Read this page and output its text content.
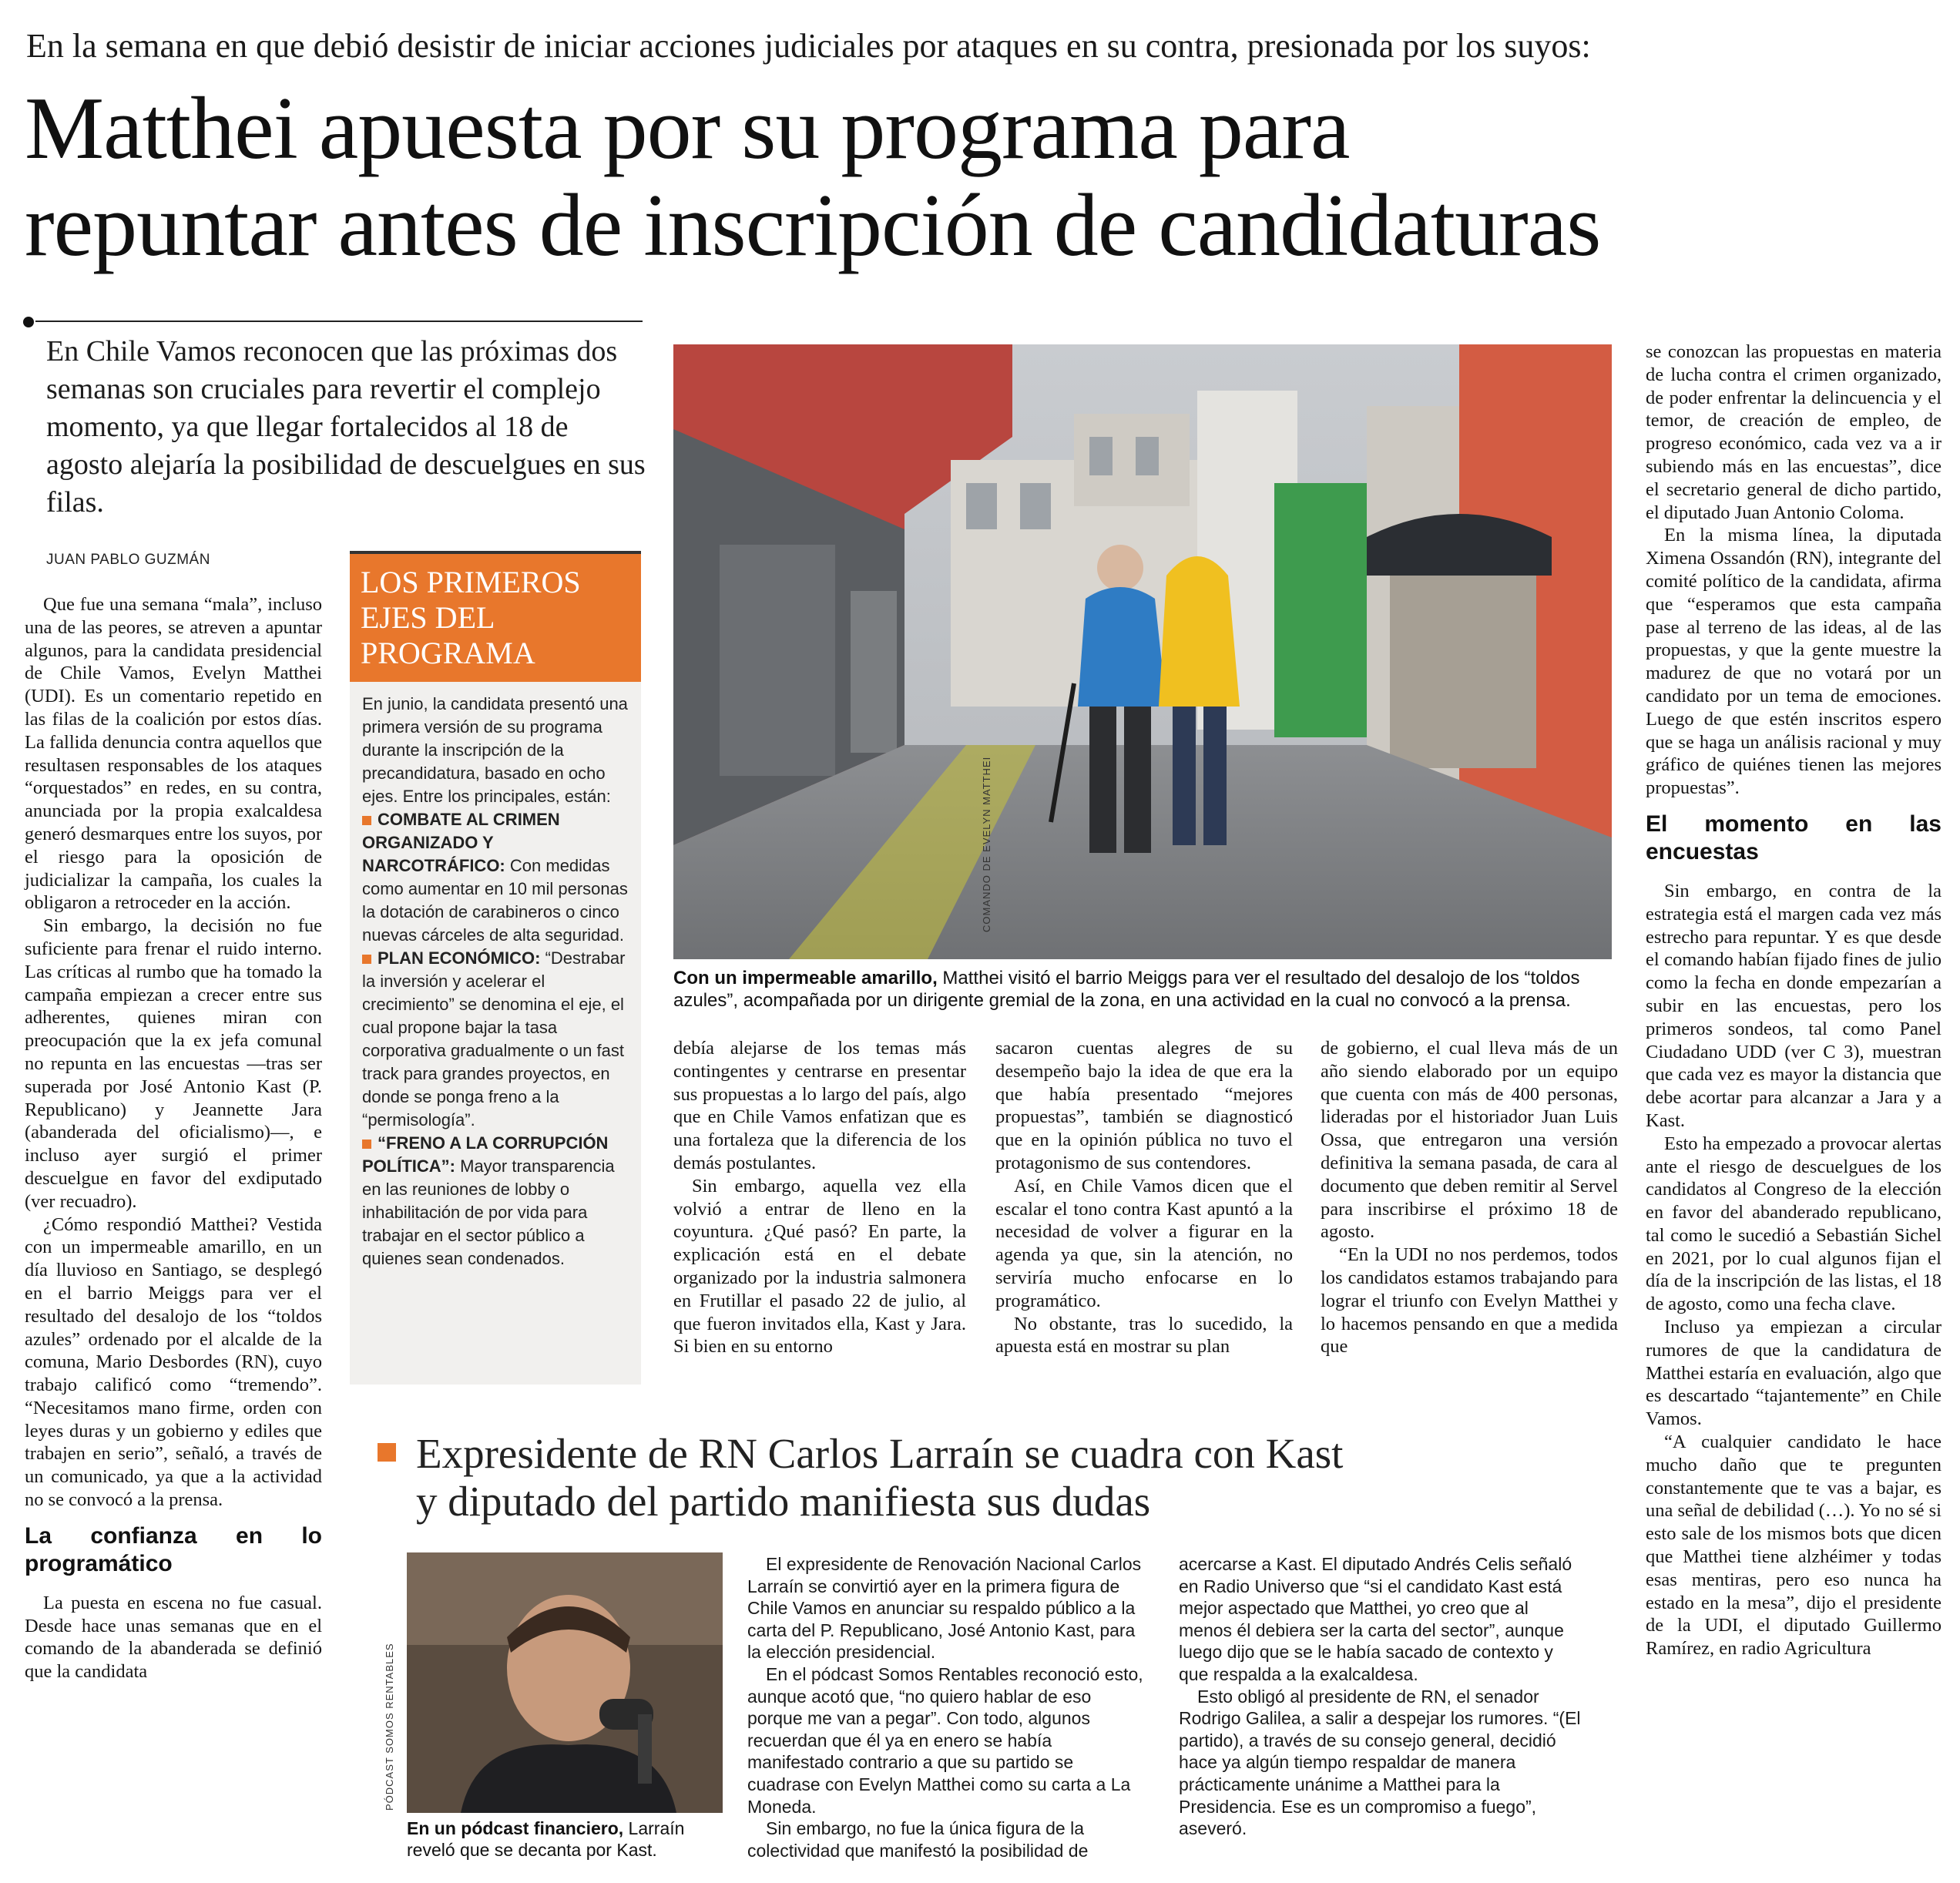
En la semana en que debió desistir de iniciar acciones judiciales por ataques en su contra, presionada por los suyos:
Matthei apuesta por su programa para
repuntar antes de inscripción de candidaturas
En Chile Vamos reconocen que las próximas dos semanas son cruciales para revertir el complejo momento, ya que llegar fortalecidos al 18 de agosto alejaría la posibilidad de descuelgues en sus filas.
JUAN PABLO GUZMÁN

Que fue una semana “mala”, incluso una de las peores, se atreven a apuntar algunos, para la candidata presidencial de Chile Vamos, Evelyn Matthei (UDI). Es un comentario repetido en las filas de la coalición por estos días. La fallida denuncia contra aquellos que resultasen responsables de los ataques “orquestados” en redes, en su contra, anunciada por la propia exalcaldesa generó desmarques entre los suyos, por el riesgo para la oposición de judicializar la campaña, los cuales la obligaron a retroceder en la acción.

Sin embargo, la decisión no fue suficiente para frenar el ruido interno. Las críticas al rumbo que ha tomado la campaña empiezan a crecer entre sus adherentes, quienes miran con preocupación que la ex jefa comunal no repunta en las encuestas —tras ser superada por José Antonio Kast (P. Republicano) y Jeannette Jara (abanderada del oficialismo)—, e incluso ayer surgió el primer descuelgue en favor del exdiputado (ver recuadro).

¿Cómo respondió Matthei? Vestida con un impermeable amarillo, en un día lluvioso en Santiago, se desplegó en el barrio Meiggs para ver el resultado del desalojo de los “toldos azules” ordenado por el alcalde de la comuna, Mario Desbordes (RN), cuyo trabajo calificó como “tremendo”. “Necesitamos mano firme, orden con leyes duras y un gobierno y ediles que trabajen en serio”, señaló, a través de un comunicado, ya que a la actividad no se convocó a la prensa.

La confianza en lo programático

La puesta en escena no fue casual. Desde hace unas semanas que en el comando de la abanderada se definió que la candidata

LOS PRIMEROS EJES DEL PROGRAMA

En junio, la candidata presentó una primera versión de su programa durante la inscripción de la precandidatura, basado en ocho ejes. Entre los principales, están:

COMBATE AL CRIMEN ORGANIZADO Y NARCOTRÁFICO: Con medidas como aumentar en 10 mil personas la dotación de carabineros o cinco nuevas cárceles de alta seguridad.

PLAN ECONÓMICO: “Destrabar la inversión y acelerar el crecimiento” se denomina el eje, el cual propone bajar la tasa corporativa gradualmente o un fast track para grandes proyectos, en donde se ponga freno a la “permisología”.

“FRENO A LA CORRUPCIÓN POLÍTICA”: Mayor transparencia en las reuniones de lobby o inhabilitación de por vida para trabajar en el sector público a quienes sean condenados.

COMANDO DE EVELYN MATTHEI
Con un impermeable amarillo, Matthei visitó el barrio Meiggs para ver el resultado del desalojo de los “toldos azules”, acompañada por un dirigente gremial de la zona, en una actividad en la cual no convocó a la prensa.

debía alejarse de los temas más contingentes y centrarse en presentar sus propuestas a lo largo del país, algo que en Chile Vamos enfatizan que es una fortaleza que la diferencia de los demás postulantes.

Sin embargo, aquella vez ella volvió a entrar de lleno en la coyuntura. ¿Qué pasó? En parte, la explicación está en el debate organizado por la industria salmonera en Frutillar el pasado 22 de julio, al que fueron invitados ella, Kast y Jara. Si bien en su entorno

sacaron cuentas alegres de su desempeño bajo la idea de que era la que había presentado “mejores propuestas”, también se diagnosticó que en la opinión pública no tuvo el protagonismo de sus contendores.

Así, en Chile Vamos dicen que el escalar el tono contra Kast apuntó a la necesidad de volver a figurar en la agenda ya que, sin la atención, no serviría mucho enfocarse en lo programático.

No obstante, tras lo sucedido, la apuesta está en mostrar su plan

de gobierno, el cual lleva más de un año siendo elaborado por un equipo que cuenta con más de 400 personas, lideradas por el historiador Juan Luis Ossa, que entregaron una versión definitiva la semana pasada, de cara al documento que deben remitir al Servel para inscribirse el próximo 18 de agosto.

“En la UDI no nos perdemos, todos los candidatos estamos trabajando para lograr el triunfo con Evelyn Matthei y lo hacemos pensando en que a medida que

se conozcan las propuestas en materia de lucha contra el crimen organizado, de poder enfrentar la delincuencia y el temor, de creación de empleo, de progreso económico, cada vez va a ir subiendo más en las encuestas”, dice el secretario general de dicho partido, el diputado Juan Antonio Coloma.

En la misma línea, la diputada Ximena Ossandón (RN), integrante del comité político de la candidata, afirma que “esperamos que esta campaña pase al terreno de las ideas, al de las propuestas, y que la gente muestre la madurez de que no votará por un candidato por un tema de emociones. Luego de que estén inscritos espero que se haga un análisis racional y muy gráfico de quiénes tienen las mejores propuestas”.

El momento en las encuestas

Sin embargo, en contra de la estrategia está el margen cada vez más estrecho para repuntar. Y es que desde el comando habían fijado fines de julio como la fecha en donde empezarían a subir en las encuestas, pero los primeros sondeos, tal como Panel Ciudadano UDD (ver C 3), muestran que cada vez es mayor la distancia que debe acortar para alcanzar a Jara y a Kast.

Esto ha empezado a provocar alertas ante el riesgo de descuelgues de los candidatos al Congreso de la elección en favor del abanderado republicano, tal como le sucedió a Sebastián Sichel en 2021, por lo cual algunos fijan el día de la inscripción de las listas, el 18 de agosto, como una fecha clave.

Incluso ya empiezan a circular rumores de que la candidatura de Matthei estaría en evaluación, algo que es descartado “tajantemente” en Chile Vamos.

“A cualquier candidato le hace mucho daño que te pregunten constantemente que te vas a bajar, es una señal de debilidad (…). Yo no sé si esto sale de los mismos bots que dicen que Matthei tiene alzhéimer y todas esas mentiras, pero eso nunca ha estado en la mesa”, dijo el presidente de la UDI, el diputado Guillermo Ramírez, en radio Agricultura

Expresidente de RN Carlos Larraín se cuadra con Kast
y diputado del partido manifiesta sus dudas
PÓDCAST SOMOS RENTABLES
En un pódcast financiero, Larraín reveló que se decanta por Kast.

El expresidente de Renovación Nacional Carlos Larraín se convirtió ayer en la primera figura de Chile Vamos en anunciar su respaldo público a la carta del P. Republicano, José Antonio Kast, para la elección presidencial.

En el pódcast Somos Rentables reconoció esto, aunque acotó que, “no quiero hablar de eso porque me van a pegar”. Con todo, algunos recuerdan que él ya en enero se había manifestado contrario a que su partido se cuadrase con Evelyn Matthei como su carta a La Moneda.

Sin embargo, no fue la única figura de la colectividad que manifestó la posibilidad de

acercarse a Kast. El diputado Andrés Celis señaló en Radio Universo que “si el candidato Kast está mejor aspectado que Matthei, yo creo que al menos él debiera ser la carta del sector”, aunque luego dijo que se le había sacado de contexto y que respalda a la exalcaldesa.

Esto obligó al presidente de RN, el senador Rodrigo Galilea, a salir a despejar los rumores. “(El partido), a través de su consejo general, decidió hace ya algún tiempo respaldar de manera prácticamente unánime a Matthei para la Presidencia. Ese es un compromiso a fuego”, aseveró.
